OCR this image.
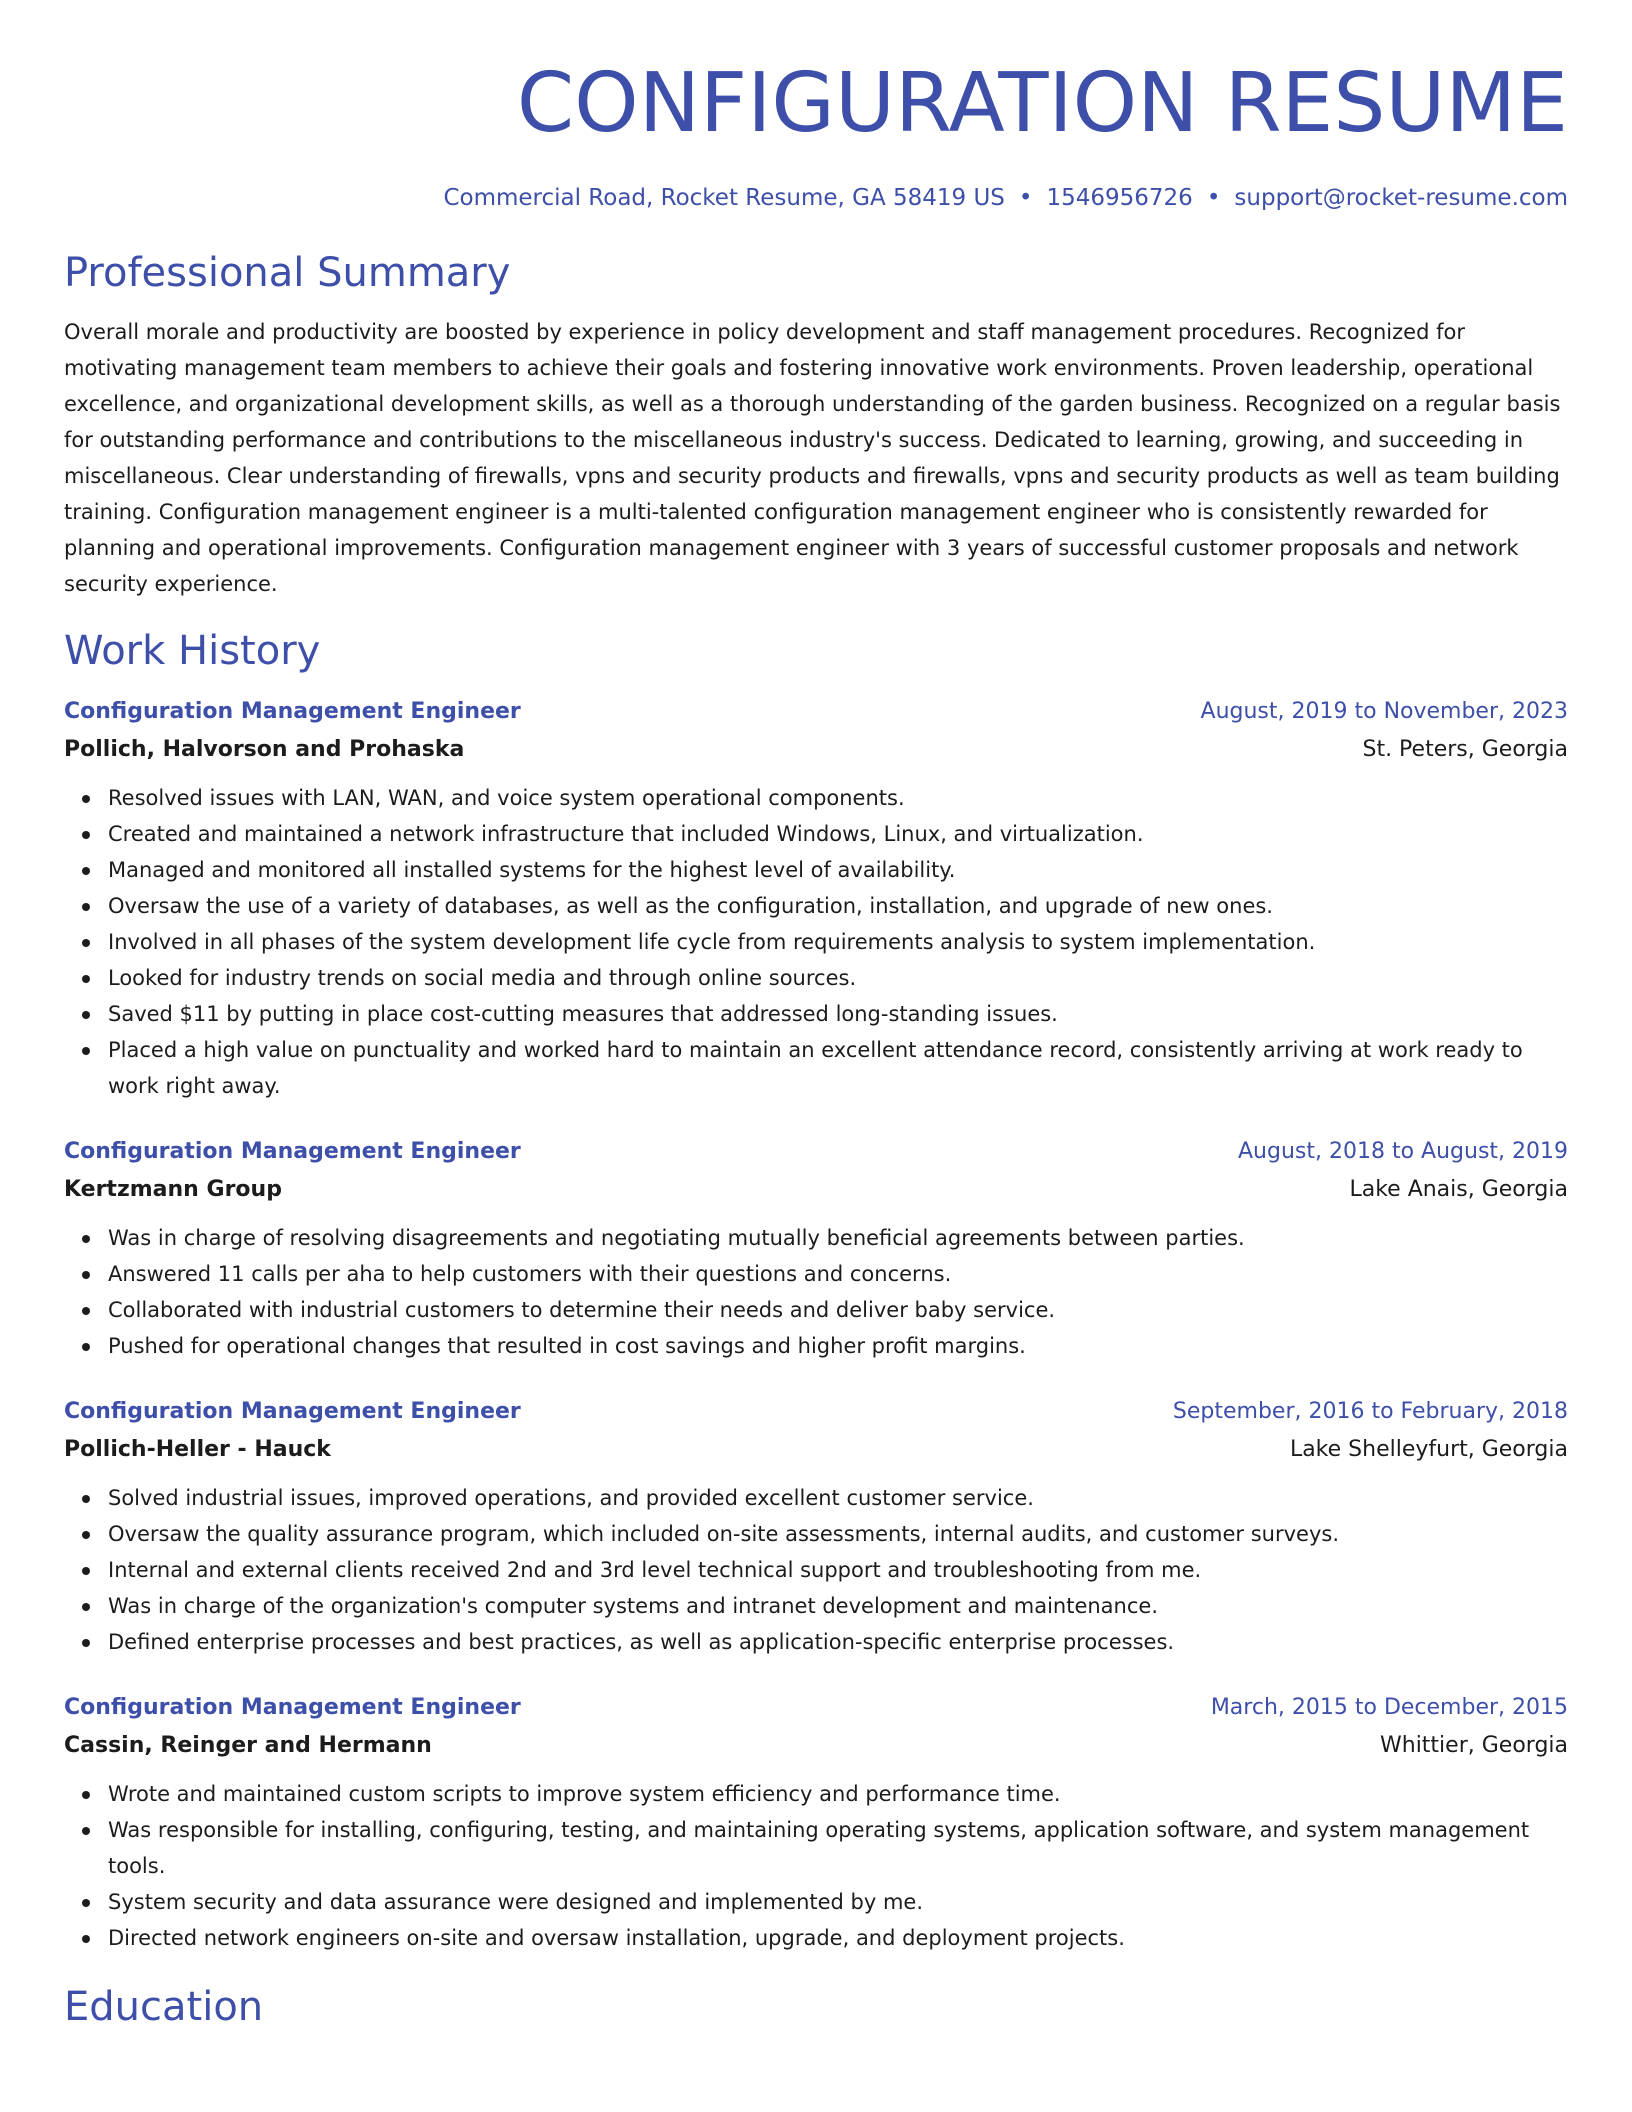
CONFIGURATION RESUME
Commercial Road, Rocket Resume, GA 58419 US • 1546956726 • support@rocket-resume.com
Professional Summary

Overall morale and productivity are boosted by experience in policy development and staff management procedures. Recognized for motivating management team members to achieve their goals and fostering innovative work environments. Proven leadership, operational excellence, and organizational development skills, as well as a thorough understanding of the garden business. Recognized on a regular basis for outstanding performance and contributions to the miscellaneous industry's success. Dedicated to learning, growing, and succeeding in miscellaneous. Clear understanding of firewalls, vpns and security products and firewalls, vpns and security products as well as team building training. Configuration management engineer is a multi-talented configuration management engineer who is consistently rewarded for planning and operational improvements. Configuration management engineer with 3 years of successful customer proposals and network security experience.

Work History
Configuration Management Engineer	August, 2019 to November, 2023
Pollich, Halvorson and Prohaska	St. Peters, Georgia
Resolved issues with LAN, WAN, and voice system operational components.
Created and maintained a network infrastructure that included Windows, Linux, and virtualization.
Managed and monitored all installed systems for the highest level of availability.
Oversaw the use of a variety of databases, as well as the configuration, installation, and upgrade of new ones.
Involved in all phases of the system development life cycle from requirements analysis to system implementation.
Looked for industry trends on social media and through online sources.
Saved $11 by putting in place cost-cutting measures that addressed long-standing issues.
Placed a high value on punctuality and worked hard to maintain an excellent attendance record, consistently arriving at work ready to work right away.
Configuration Management Engineer	August, 2018 to August, 2019
Kertzmann Group	Lake Anais, Georgia
Was in charge of resolving disagreements and negotiating mutually beneficial agreements between parties.
Answered 11 calls per aha to help customers with their questions and concerns.
Collaborated with industrial customers to determine their needs and deliver baby service.
Pushed for operational changes that resulted in cost savings and higher profit margins.
Configuration Management Engineer	September, 2016 to February, 2018
Pollich-Heller - Hauck	Lake Shelleyfurt, Georgia
Solved industrial issues, improved operations, and provided excellent customer service.
Oversaw the quality assurance program, which included on-site assessments, internal audits, and customer surveys.
Internal and external clients received 2nd and 3rd level technical support and troubleshooting from me.
Was in charge of the organization's computer systems and intranet development and maintenance.
Defined enterprise processes and best practices, as well as application-specific enterprise processes.
Configuration Management Engineer	March, 2015 to December, 2015
Cassin, Reinger and Hermann	Whittier, Georgia
Wrote and maintained custom scripts to improve system efficiency and performance time.
Was responsible for installing, configuring, testing, and maintaining operating systems, application software, and system management tools.
System security and data assurance were designed and implemented by me.
Directed network engineers on-site and oversaw installation, upgrade, and deployment projects.
Education
